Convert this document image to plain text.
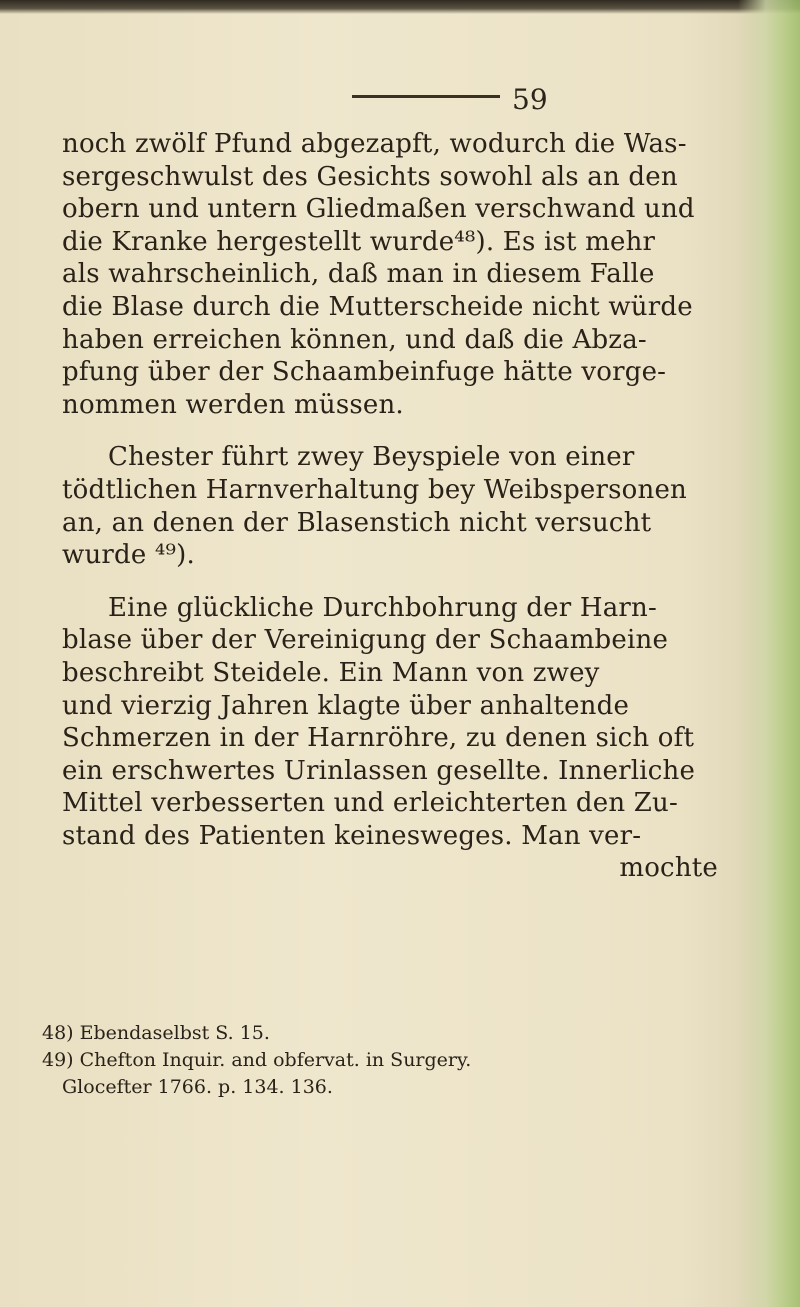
59
noch zwölf Pfund abgezapft, wodurch die Was-
sergeschwulst des Gesichts sowohl als an den
obern und untern Gliedmaßen verschwand und
die Kranke hergestellt wurde⁴⁸). Es ist mehr
als wahrscheinlich, daß man in diesem Falle
die Blase durch die Mutterscheide nicht würde
haben erreichen können, und daß die Abza-
pfung über der Schaambeinfuge hätte vorge-
nommen werden müssen.
Chester führt zwey Beyspiele von einer
tödtlichen Harnverhaltung bey Weibspersonen
an, an denen der Blasenstich nicht versucht
wurde ⁴⁹).
Eine glückliche Durchbohrung der Harn-
blase über der Vereinigung der Schaambeine
beschreibt Steidele. Ein Mann von zwey
und vierzig Jahren klagte über anhaltende
Schmerzen in der Harnröhre, zu denen sich oft
ein erschwertes Urinlassen gesellte. Innerliche
Mittel verbesserten und erleichterten den Zu-
stand des Patienten keinesweges. Man ver-
mochte
48) Ebendaselbst S. 15.
49) Chefton Inquir. and obfervat. in Surgery.
Glocefter 1766. p. 134. 136.
